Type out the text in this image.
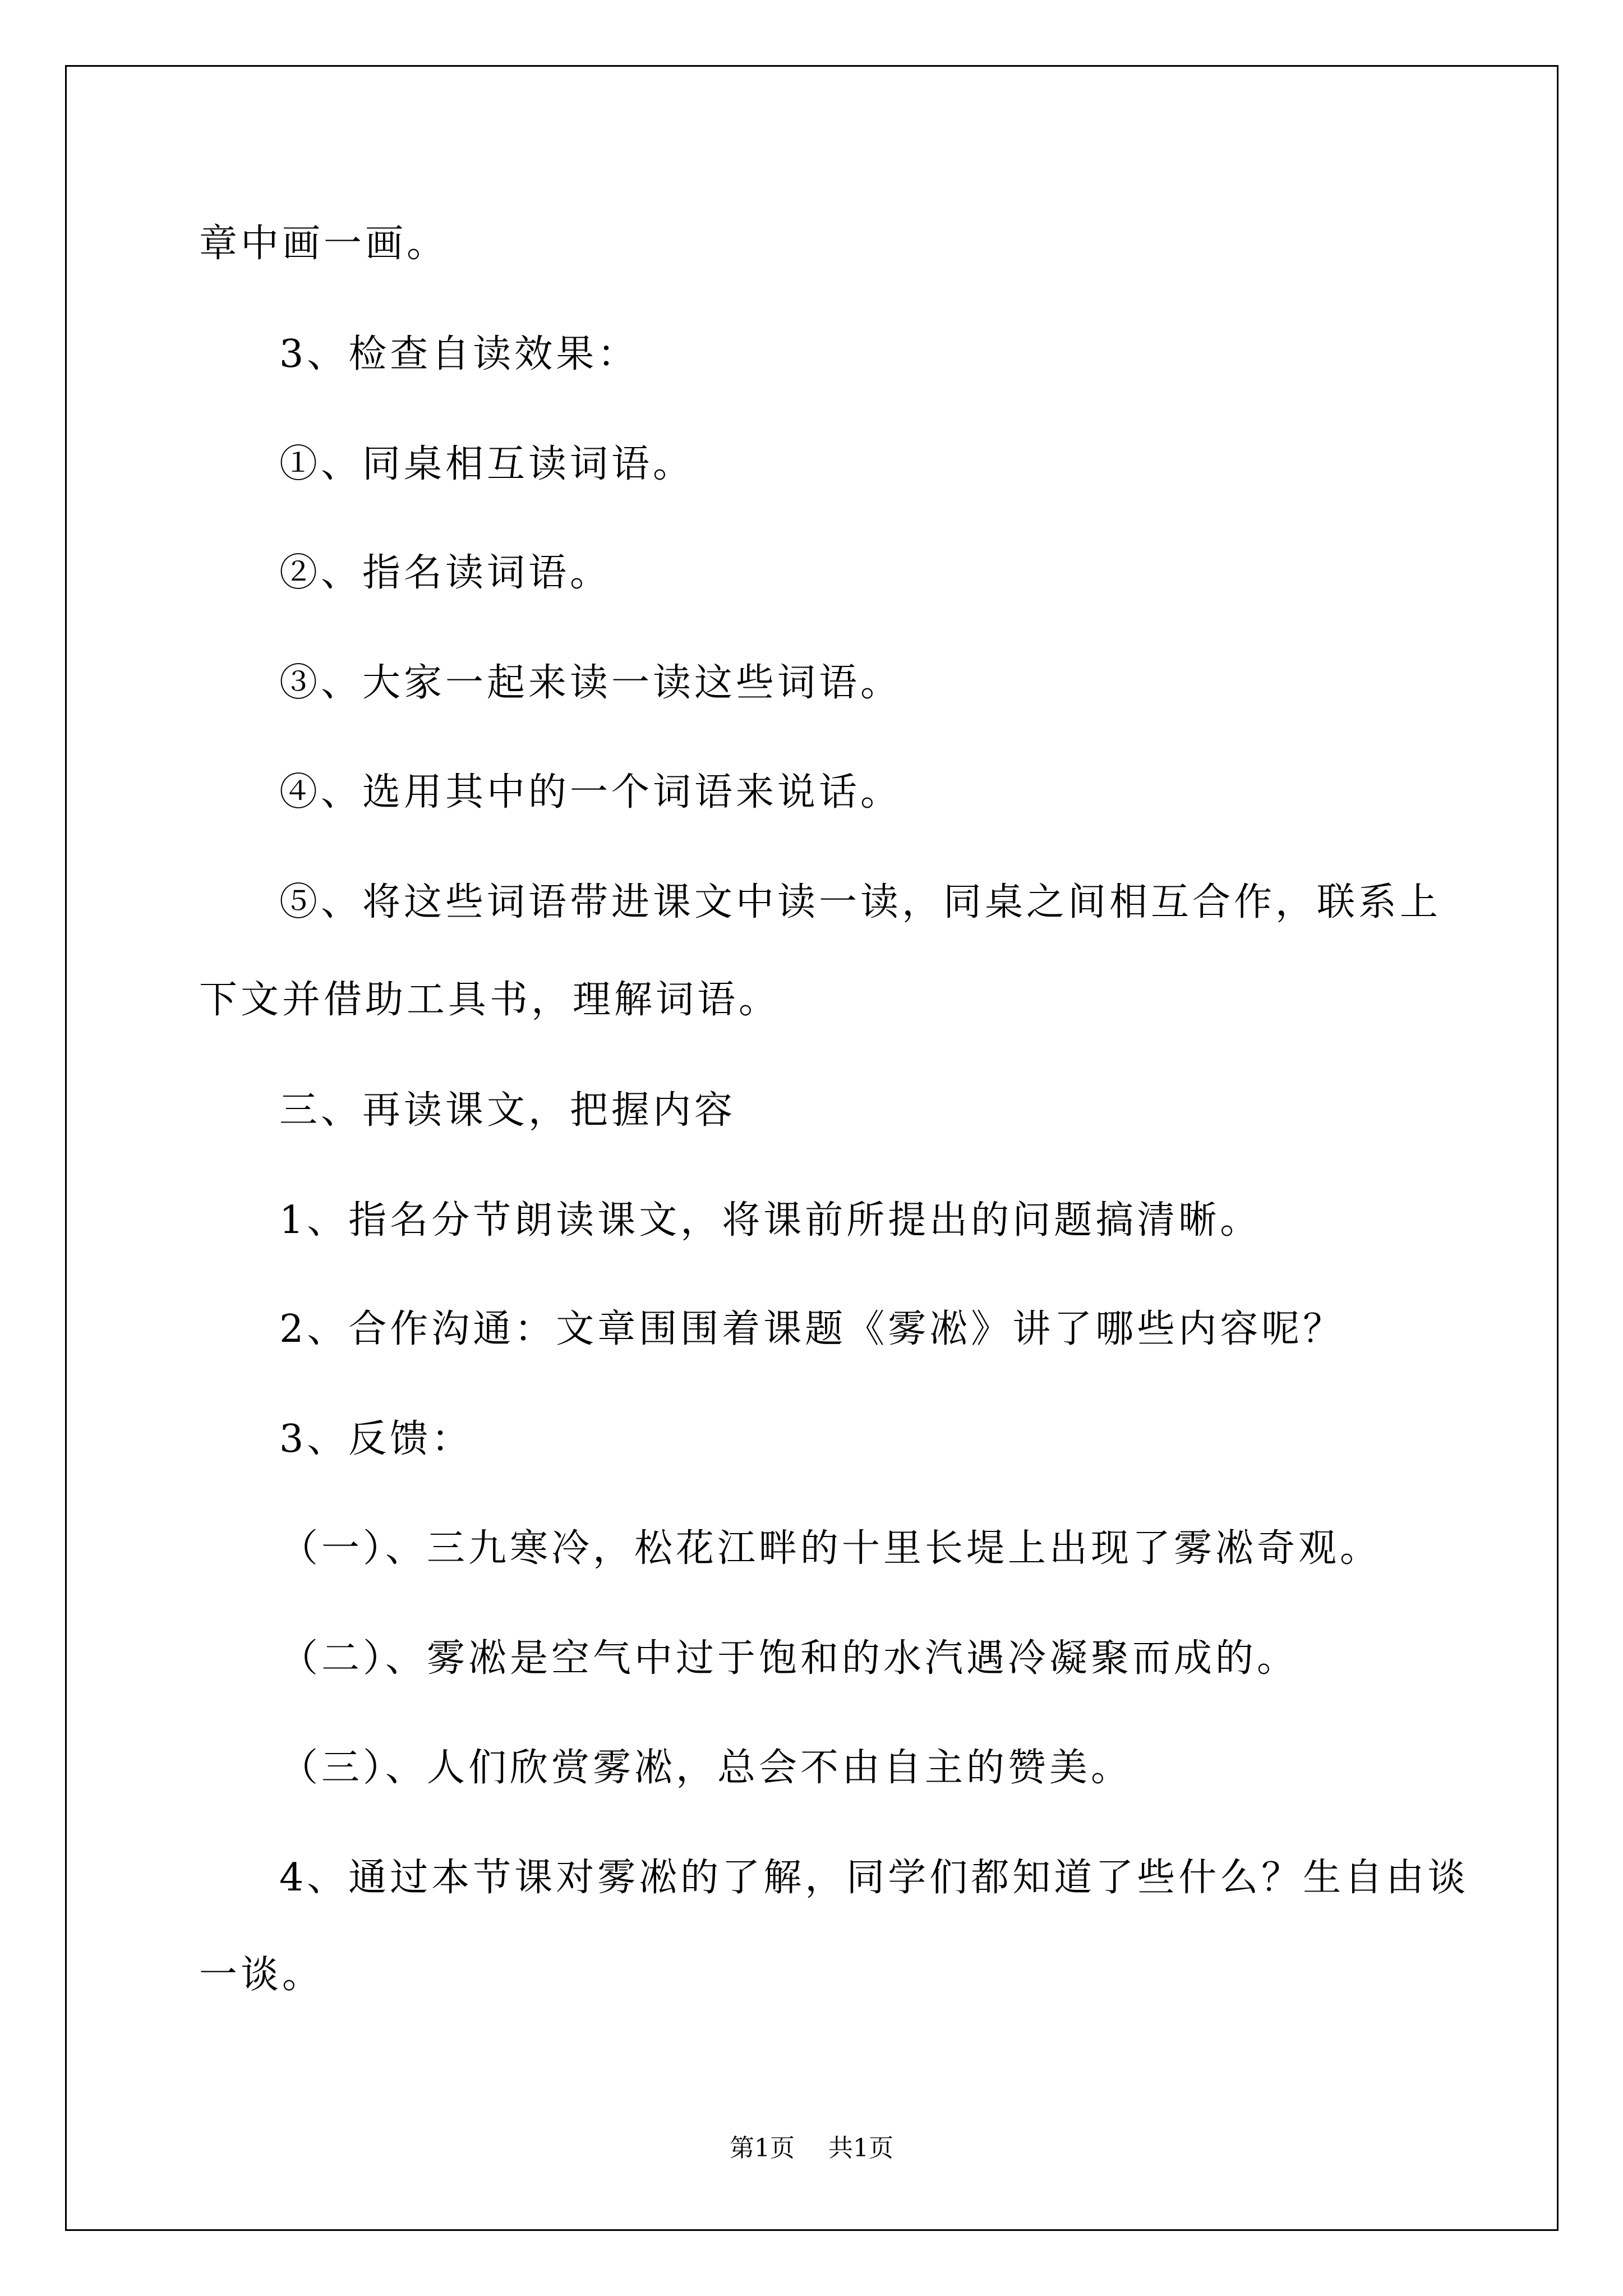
章中画一画。

3、检查自读效果：

①、同桌相互读词语。

②、指名读词语。

③、大家一起来读一读这些词语。

④、选用其中的一个词语来说话。

⑤、将这些词语带进课文中读一读，同桌之间相互合作，联系上

下文并借助工具书，理解词语。

三、再读课文，把握内容

1、指名分节朗读课文，将课前所提出的问题搞清晰。

2、合作沟通：文章围围着课题《雾凇》讲了哪些内容呢？

3、反馈：

（一）、三九寒冷，松花江畔的十里长堤上出现了雾凇奇观。

（二）、雾凇是空气中过于饱和的水汽遇冷凝聚而成的。

（三）、人们欣赏雾凇，总会不由自主的赞美。

4、通过本节课对雾凇的了解，同学们都知道了些什么？生自由谈

一谈。

第1页 共1页
